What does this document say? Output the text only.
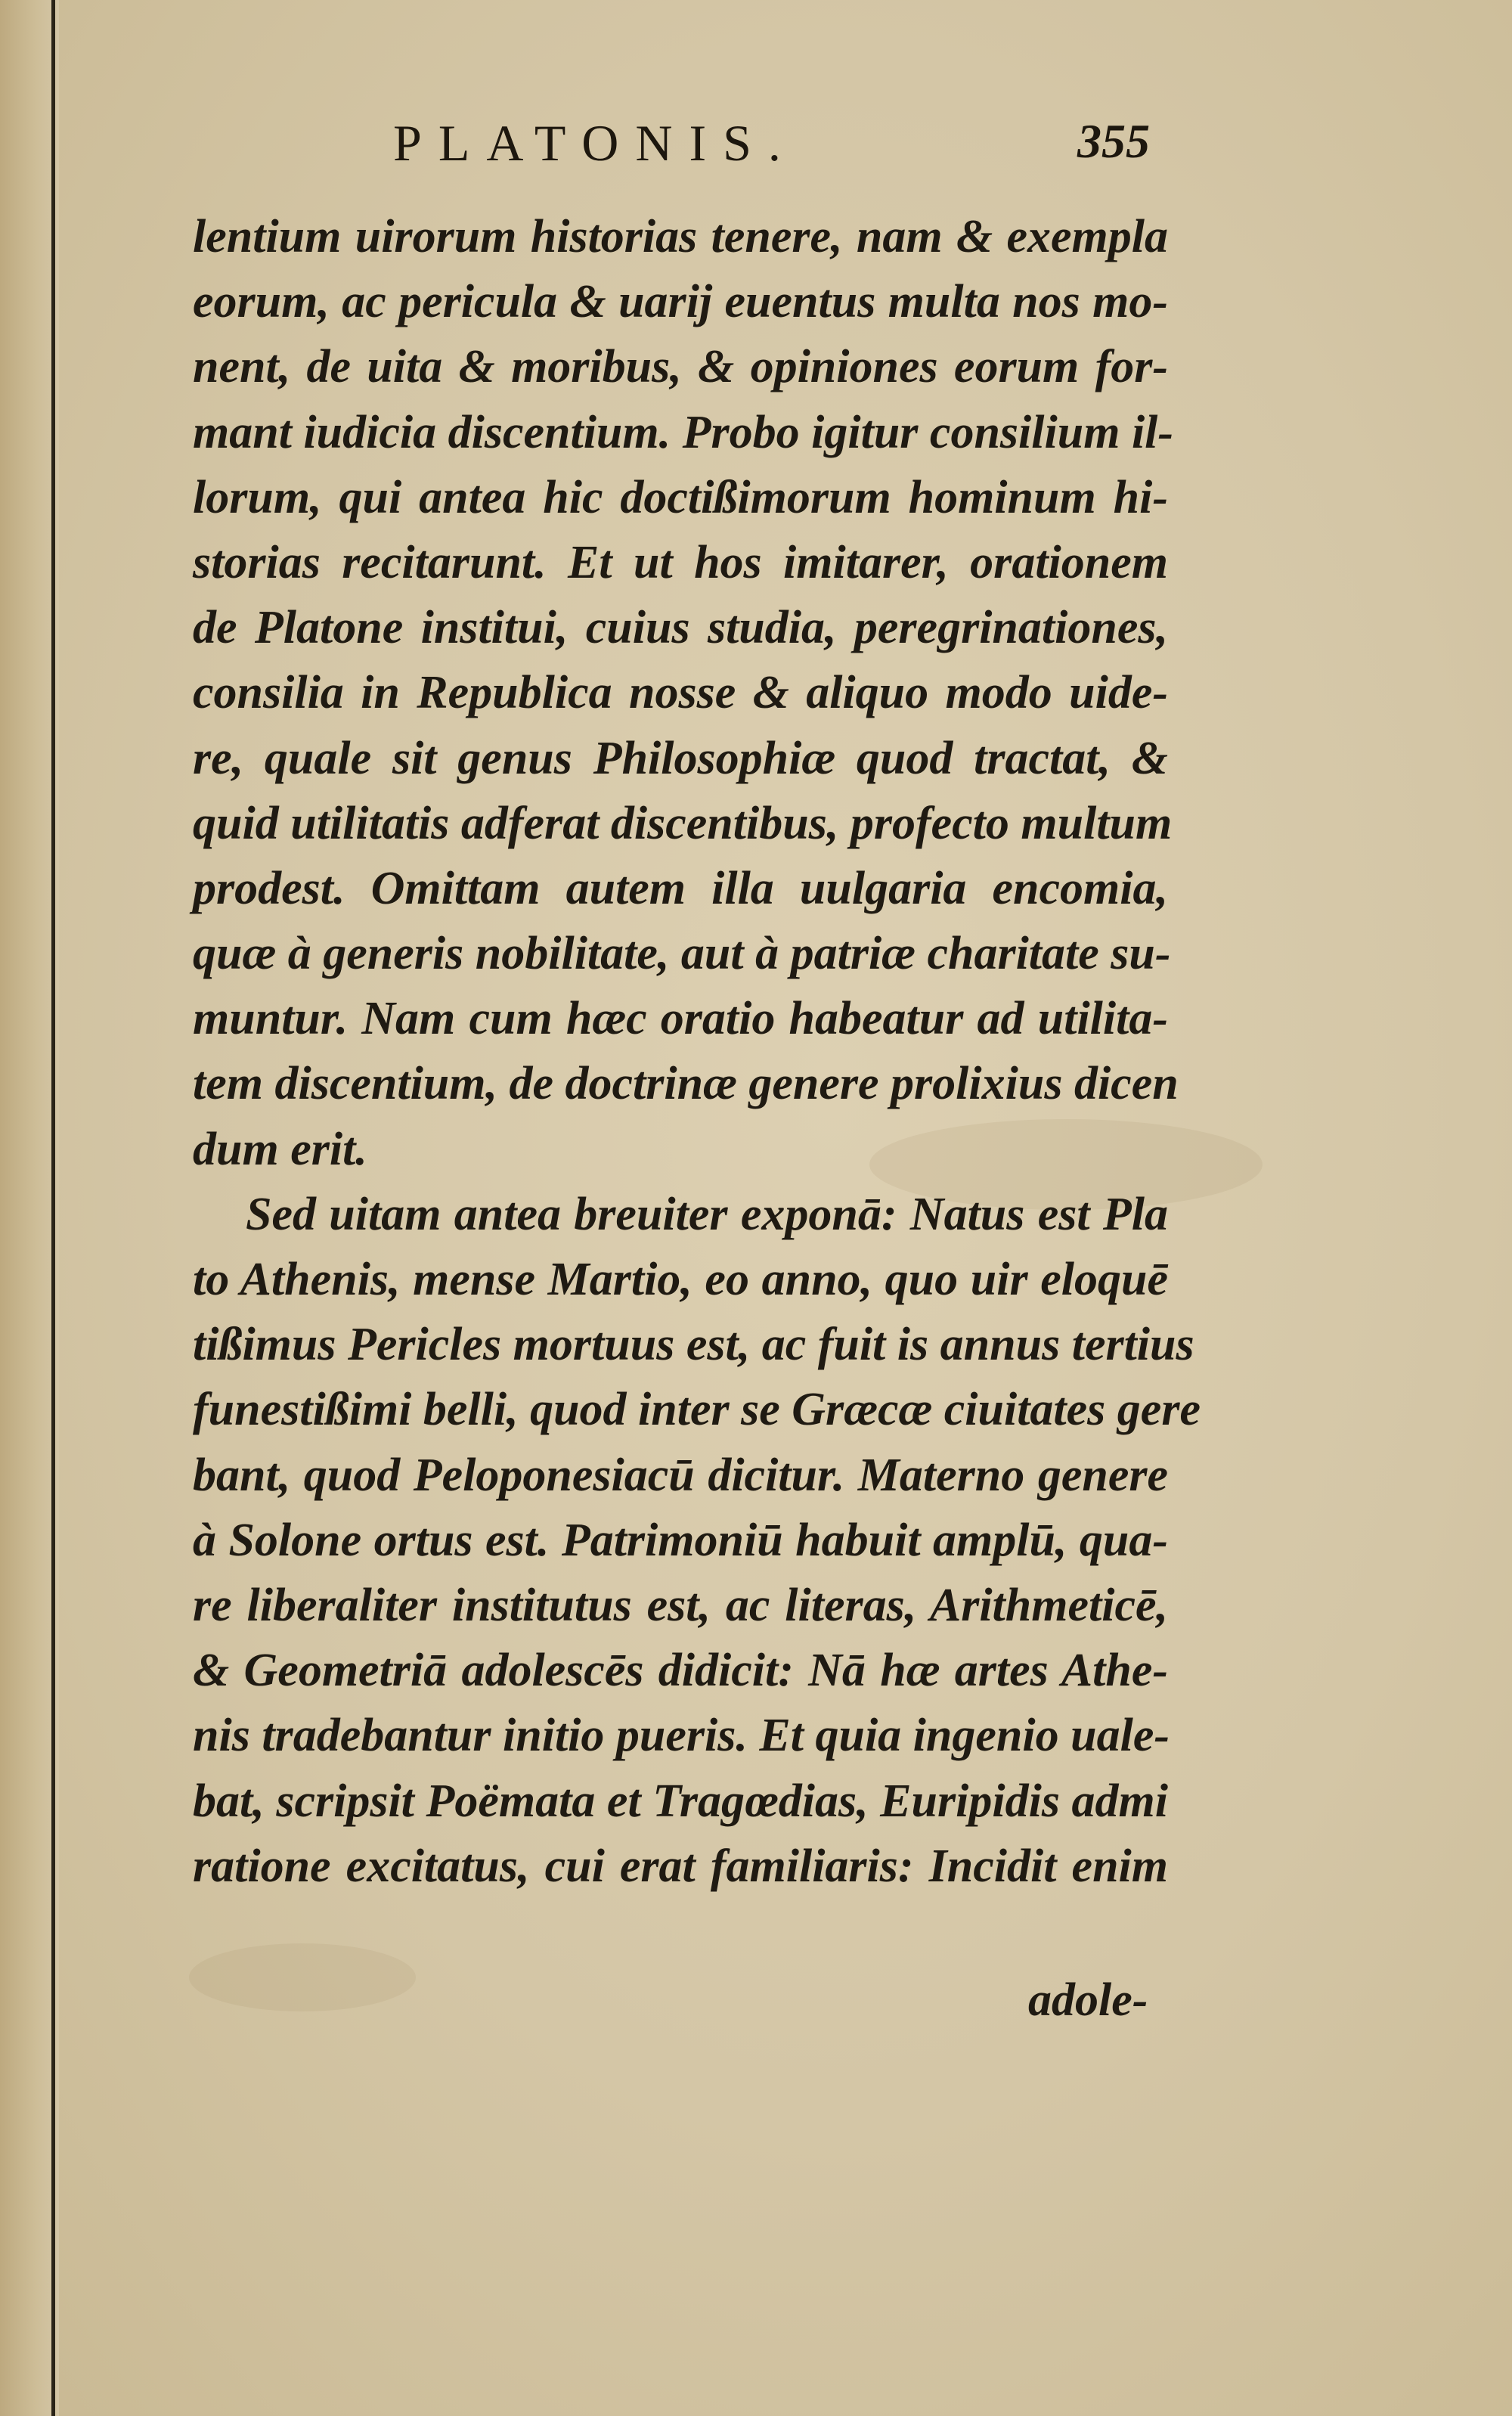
PLATONIS.	355
lentium uirorum historias tenere, nam & exempla
eorum, ac pericula & uarij euentus multa nos mo-
nent, de uita & moribus, & opiniones eorum for-
mant iudicia discentium. Probo igitur consilium il-
lorum, qui antea hic doctißimorum hominum hi-
storias recitarunt. Et ut hos imitarer, orationem
de Platone institui, cuius studia, peregrinationes,
consilia in Republica nosse & aliquo modo uide-
re, quale sit genus Philosophiæ quod tractat, &
quid utilitatis adferat discentibus, profecto multum
prodest. Omittam autem illa uulgaria encomia,
quæ à generis nobilitate, aut à patriæ charitate su-
muntur. Nam cum hæc oratio habeatur ad utilita-
tem discentium, de doctrinæ genere prolixius dicen
dum erit.
Sed uitam antea breuiter exponā: Natus est Pla
to Athenis, mense Martio, eo anno, quo uir eloquē
tißimus Pericles mortuus est, ac fuit is annus tertius
funestißimi belli, quod inter se Græcæ ciuitates gere
bant, quod Peloponesiacū dicitur. Materno genere
à Solone ortus est. Patrimoniū habuit amplū, qua-
re liberaliter institutus est, ac literas, Arithmeticē,
& Geometriā adolescēs didicit: Nā hæ artes Athe-
nis tradebantur initio pueris. Et quia ingenio uale-
bat, scripsit Poëmata et Tragœdias, Euripidis admi
ratione excitatus, cui erat familiaris: Incidit enim
adole-
